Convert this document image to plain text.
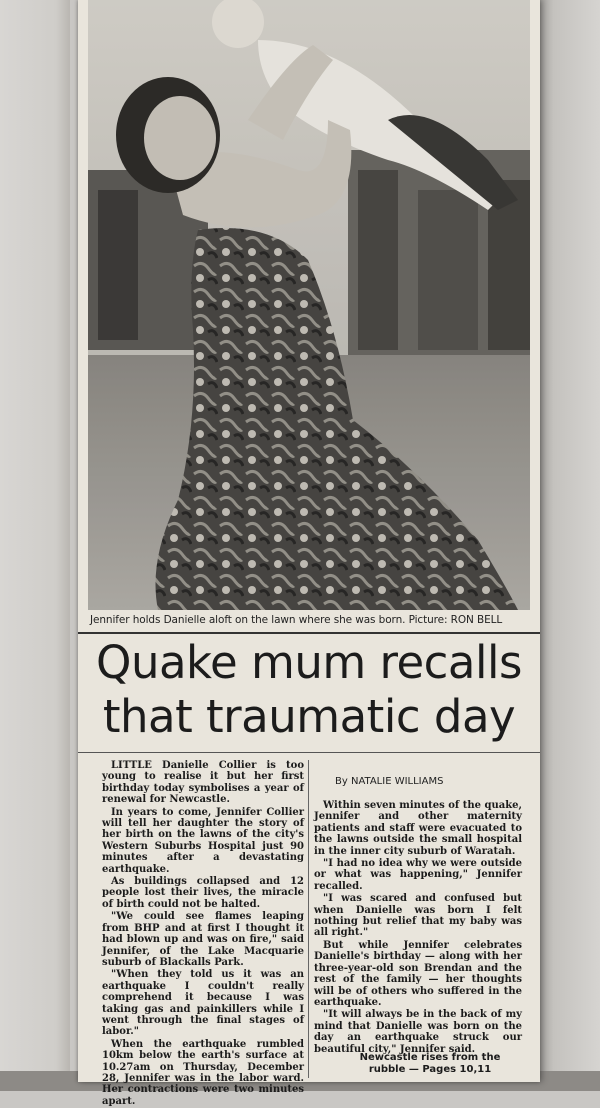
Jennifer holds Danielle aloft on the lawn where she was born. Picture: RON BELL
Quake mum recalls
that traumatic day

LITTLE Danielle Collier is too young to realise it but her first birthday today symbolises a year of renewal for Newcastle.

In years to come, Jennifer Collier will tell her daughter the story of her birth on the lawns of the city's Western Suburbs Hospital just 90 minutes after a devastating earthquake.

As buildings collapsed and 12 people lost their lives, the miracle of birth could not be halted.

"We could see flames leaping from BHP and at first I thought it had blown up and was on fire," said Jennifer, of the Lake Macquarie suburb of Blackalls Park.

"When they told us it was an earthquake I couldn't really comprehend it because I was taking gas and painkillers while I went through the final stages of labor."

When the earthquake rumbled 10km below the earth's surface at 10.27am on Thursday, December 28, Jennifer was in the labor ward. Her contractions were two minutes apart.

By NATALIE WILLIAMS

Within seven minutes of the quake, Jennifer and other maternity patients and staff were evacuated to the lawns outside the small hospital in the inner city suburb of Waratah.

"I had no idea why we were outside or what was happening," Jennifer recalled.

"I was scared and confused but when Danielle was born I felt nothing but relief that my baby was all right."

But while Jennifer celebrates Danielle's birthday — along with her three-year-old son Brendan and the rest of the family — her thoughts will be of others who suffered in the earthquake.

"It will always be in the back of my mind that Danielle was born on the day an earthquake struck our beautiful city," Jennifer said.

Newcastle rises from the rubble — Pages 10,11
